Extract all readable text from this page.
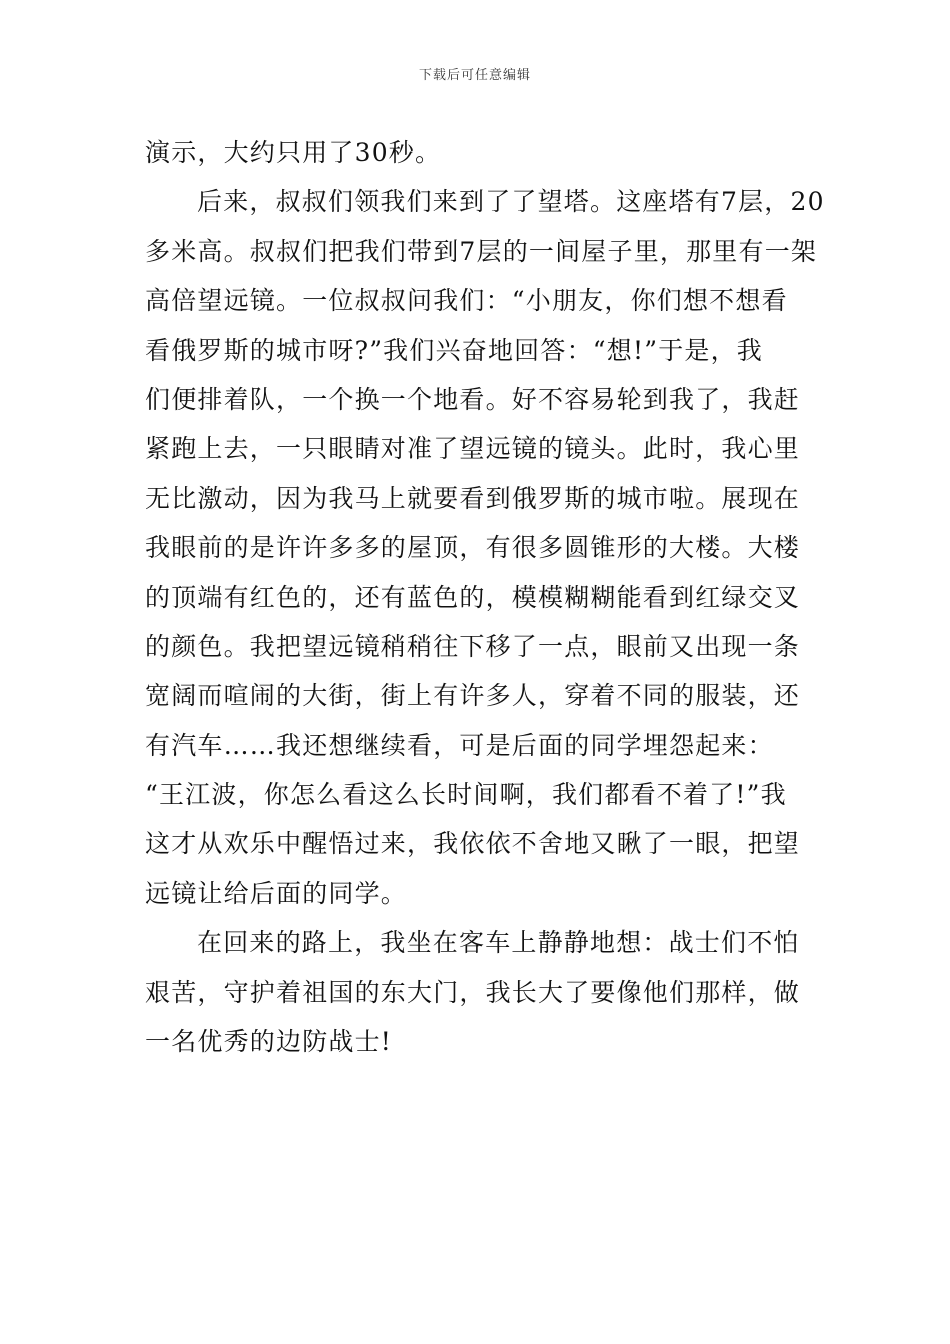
下载后可任意编辑
演示，大约只用了30秒。
后来，叔叔们领我们来到了了望塔。这座塔有7层，20
多米高。叔叔们把我们带到7层的一间屋子里，那里有一架
高倍望远镜。一位叔叔问我们：“小朋友，你们想不想看
看俄罗斯的城市呀?”我们兴奋地回答：“想!”于是，我
们便排着队，一个换一个地看。好不容易轮到我了，我赶
紧跑上去，一只眼睛对准了望远镜的镜头。此时，我心里
无比激动，因为我马上就要看到俄罗斯的城市啦。展现在
我眼前的是许许多多的屋顶，有很多圆锥形的大楼。大楼
的顶端有红色的，还有蓝色的，模模糊糊能看到红绿交叉
的颜色。我把望远镜稍稍往下移了一点，眼前又出现一条
宽阔而喧闹的大街，街上有许多人，穿着不同的服装，还
有汽车……我还想继续看，可是后面的同学埋怨起来：
“王江波，你怎么看这么长时间啊，我们都看不着了!”我
这才从欢乐中醒悟过来，我依依不舍地又瞅了一眼，把望
远镜让给后面的同学。
在回来的路上，我坐在客车上静静地想：战士们不怕
艰苦，守护着祖国的东大门，我长大了要像他们那样，做
一名优秀的边防战士!
